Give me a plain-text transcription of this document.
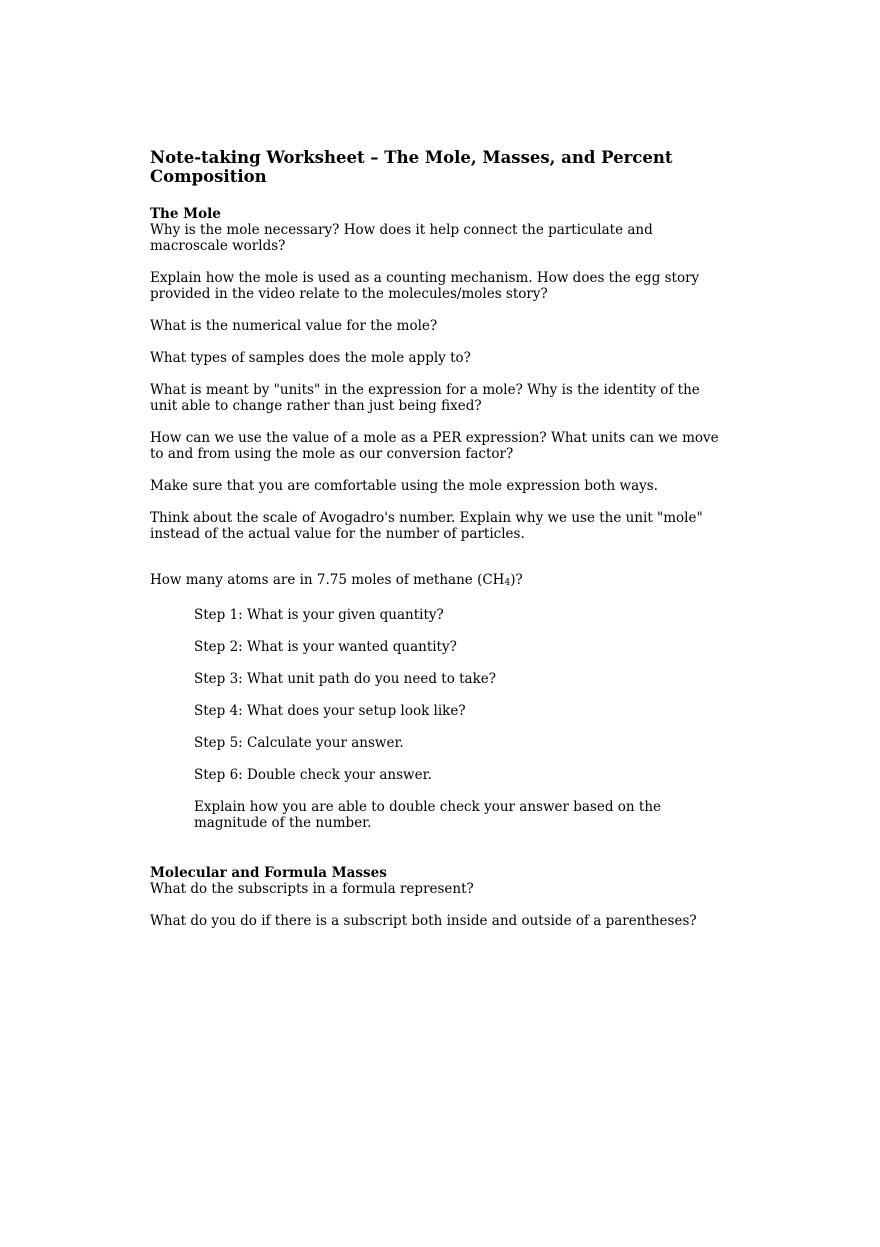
Note-taking Worksheet – The Mole, Masses, and Percent Composition
The Mole

Why is the mole necessary? How does it help connect the particulate and macroscale worlds?

Explain how the mole is used as a counting mechanism. How does the egg story provided in the video relate to the molecules/moles story?

What is the numerical value for the mole?

What types of samples does the mole apply to?

What is meant by "units" in the expression for a mole? Why is the identity of the unit able to change rather than just being fixed?

How can we use the value of a mole as a PER expression? What units can we move to and from using the mole as our conversion factor?

Make sure that you are comfortable using the mole expression both ways.

Think about the scale of Avogadro's number. Explain why we use the unit "mole" instead of the actual value for the number of particles.

How many atoms are in 7.75 moles of methane $(CH_4)$?

Step 1: What is your given quantity?

Step 2: What is your wanted quantity?

Step 3: What unit path do you need to take?

Step 4: What does your setup look like?

Step 5: Calculate your answer.

Step 6: Double check your answer.

Explain how you are able to double check your answer based on the magnitude of the number.

Molecular and Formula Masses

What do the subscripts in a formula represent?

What do you do if there is a subscript both inside and outside of a parentheses?
